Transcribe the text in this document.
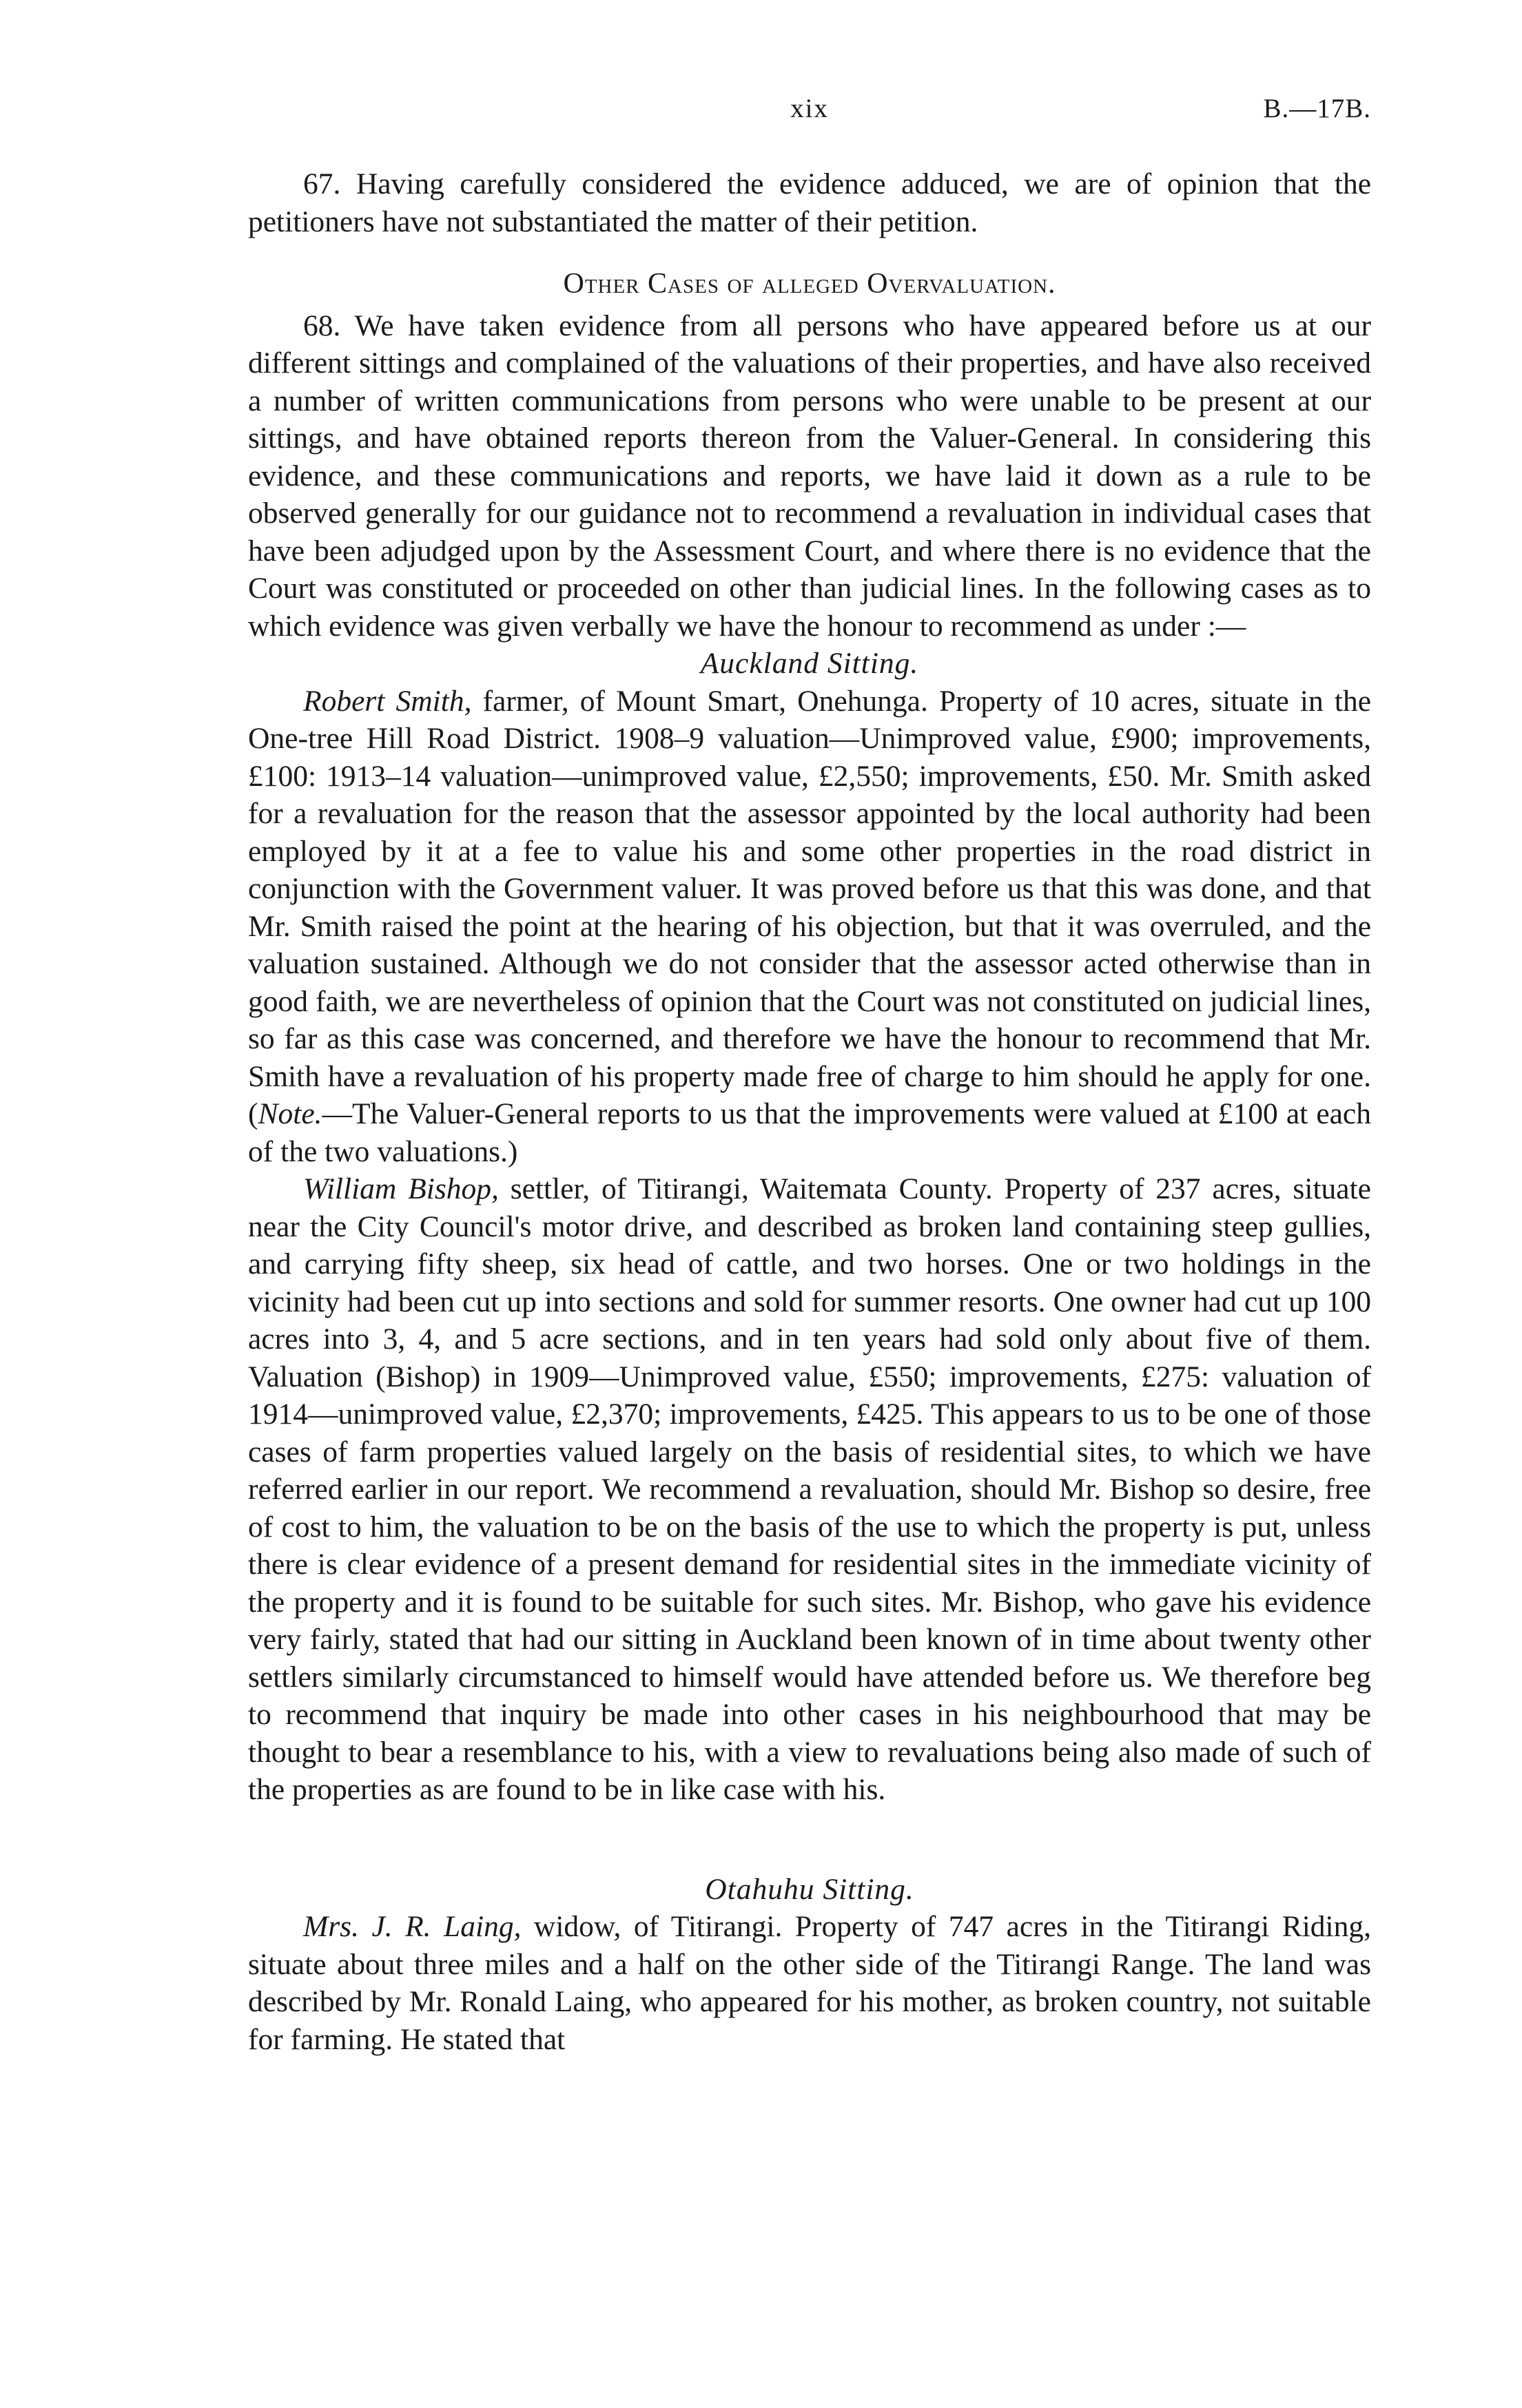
xix	B.—17B.

67. Having carefully considered the evidence adduced, we are of opinion that the petitioners have not substantiated the matter of their petition.

Other Cases of alleged Overvaluation.

68. We have taken evidence from all persons who have appeared before us at our different sittings and complained of the valuations of their properties, and have also received a number of written communications from persons who were unable to be present at our sittings, and have obtained reports thereon from the Valuer-General. In considering this evidence, and these communications and reports, we have laid it down as a rule to be observed generally for our guidance not to recommend a revaluation in individual cases that have been adjudged upon by the Assessment Court, and where there is no evidence that the Court was constituted or proceeded on other than judicial lines. In the following cases as to which evidence was given verbally we have the honour to recommend as under :—

Auckland Sitting.

Robert Smith, farmer, of Mount Smart, Onehunga. Property of 10 acres, situate in the One-tree Hill Road District. 1908–9 valuation—Unimproved value, £900; improvements, £100: 1913–14 valuation—unimproved value, £2,550; improvements, £50. Mr. Smith asked for a revaluation for the reason that the assessor appointed by the local authority had been employed by it at a fee to value his and some other properties in the road district in conjunction with the Government valuer. It was proved before us that this was done, and that Mr. Smith raised the point at the hearing of his objection, but that it was overruled, and the valuation sustained. Although we do not consider that the assessor acted otherwise than in good faith, we are nevertheless of opinion that the Court was not constituted on judicial lines, so far as this case was concerned, and therefore we have the honour to recommend that Mr. Smith have a revaluation of his property made free of charge to him should he apply for one. (Note.—The Valuer-General reports to us that the improvements were valued at £100 at each of the two valuations.)

William Bishop, settler, of Titirangi, Waitemata County. Property of 237 acres, situate near the City Council's motor drive, and described as broken land containing steep gullies, and carrying fifty sheep, six head of cattle, and two horses. One or two holdings in the vicinity had been cut up into sections and sold for summer resorts. One owner had cut up 100 acres into 3, 4, and 5 acre sections, and in ten years had sold only about five of them. Valuation (Bishop) in 1909—Unimproved value, £550; improvements, £275: valuation of 1914—unimproved value, £2,370; improvements, £425. This appears to us to be one of those cases of farm properties valued largely on the basis of residential sites, to which we have referred earlier in our report. We recommend a revaluation, should Mr. Bishop so desire, free of cost to him, the valuation to be on the basis of the use to which the property is put, unless there is clear evidence of a present demand for residential sites in the immediate vicinity of the property and it is found to be suitable for such sites. Mr. Bishop, who gave his evidence very fairly, stated that had our sitting in Auckland been known of in time about twenty other settlers similarly circumstanced to himself would have attended before us. We therefore beg to recommend that inquiry be made into other cases in his neighbourhood that may be thought to bear a resemblance to his, with a view to revaluations being also made of such of the properties as are found to be in like case with his.

Otahuhu Sitting.

Mrs. J. R. Laing, widow, of Titirangi. Property of 747 acres in the Titirangi Riding, situate about three miles and a half on the other side of the Titirangi Range. The land was described by Mr. Ronald Laing, who appeared for his mother, as broken country, not suitable for farming. He stated that
